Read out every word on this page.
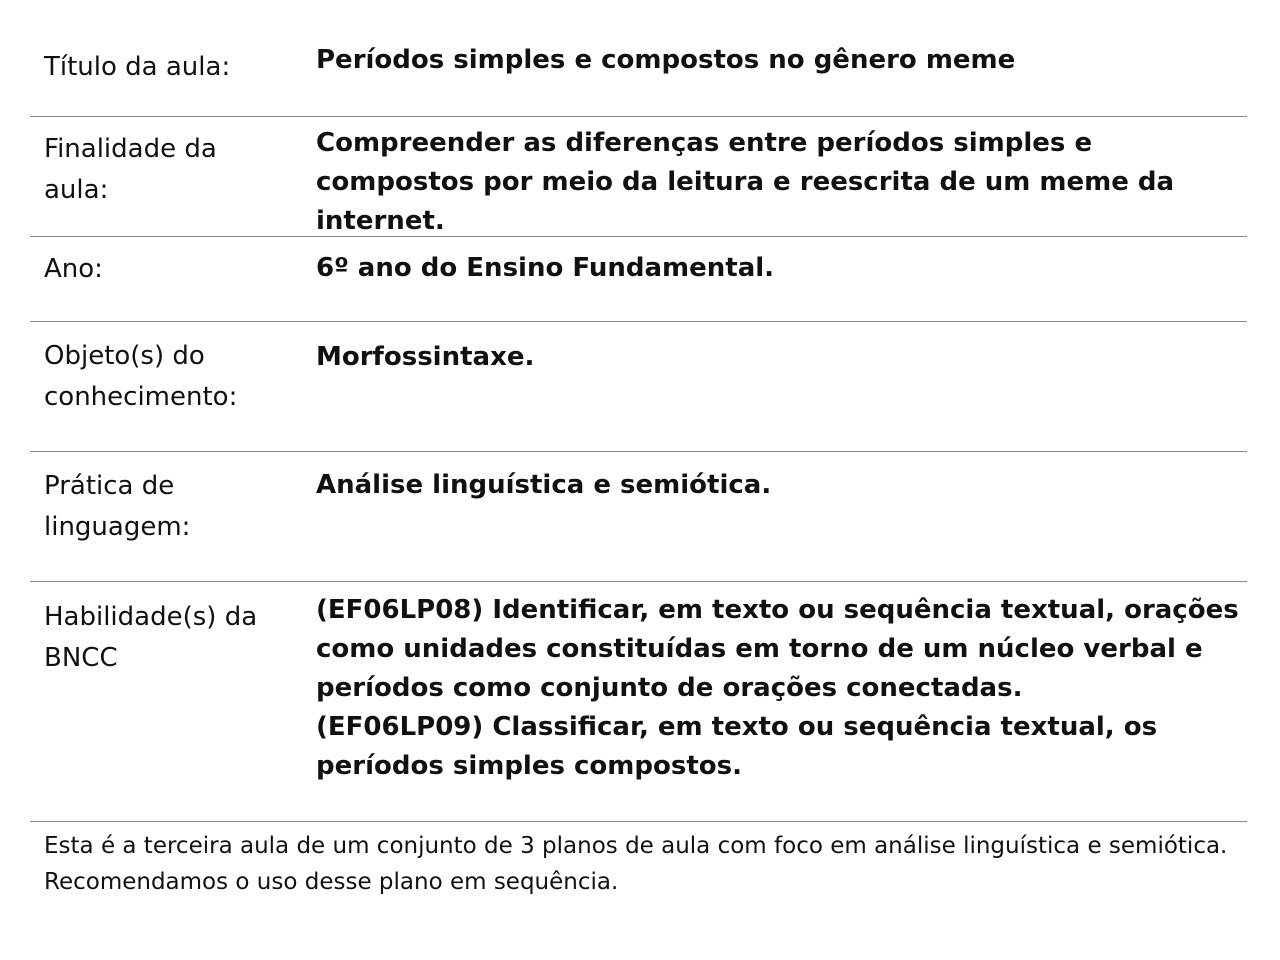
Título da aula:	Períodos simples e compostos no gênero meme

Finalidade da aula:

Compreender as diferenças entre períodos simples e compostos por meio da leitura e reescrita de um meme da internet.

Ano:	6º ano do Ensino Fundamental.

Objeto(s) do conhecimento:

Morfossintaxe.

Prática de linguagem:

Análise linguística e semiótica.

Habilidade(s) da BNCC

(EF06LP08) Identificar, em texto ou sequência textual, orações como unidades constituídas em torno de um núcleo verbal e períodos como conjunto de orações conectadas.

(EF06LP09) Classificar, em texto ou sequência textual, os períodos simples compostos.

Esta é a terceira aula de um conjunto de 3 planos de aula com foco em análise linguística e semiótica.

Recomendamos o uso desse plano em sequência.
